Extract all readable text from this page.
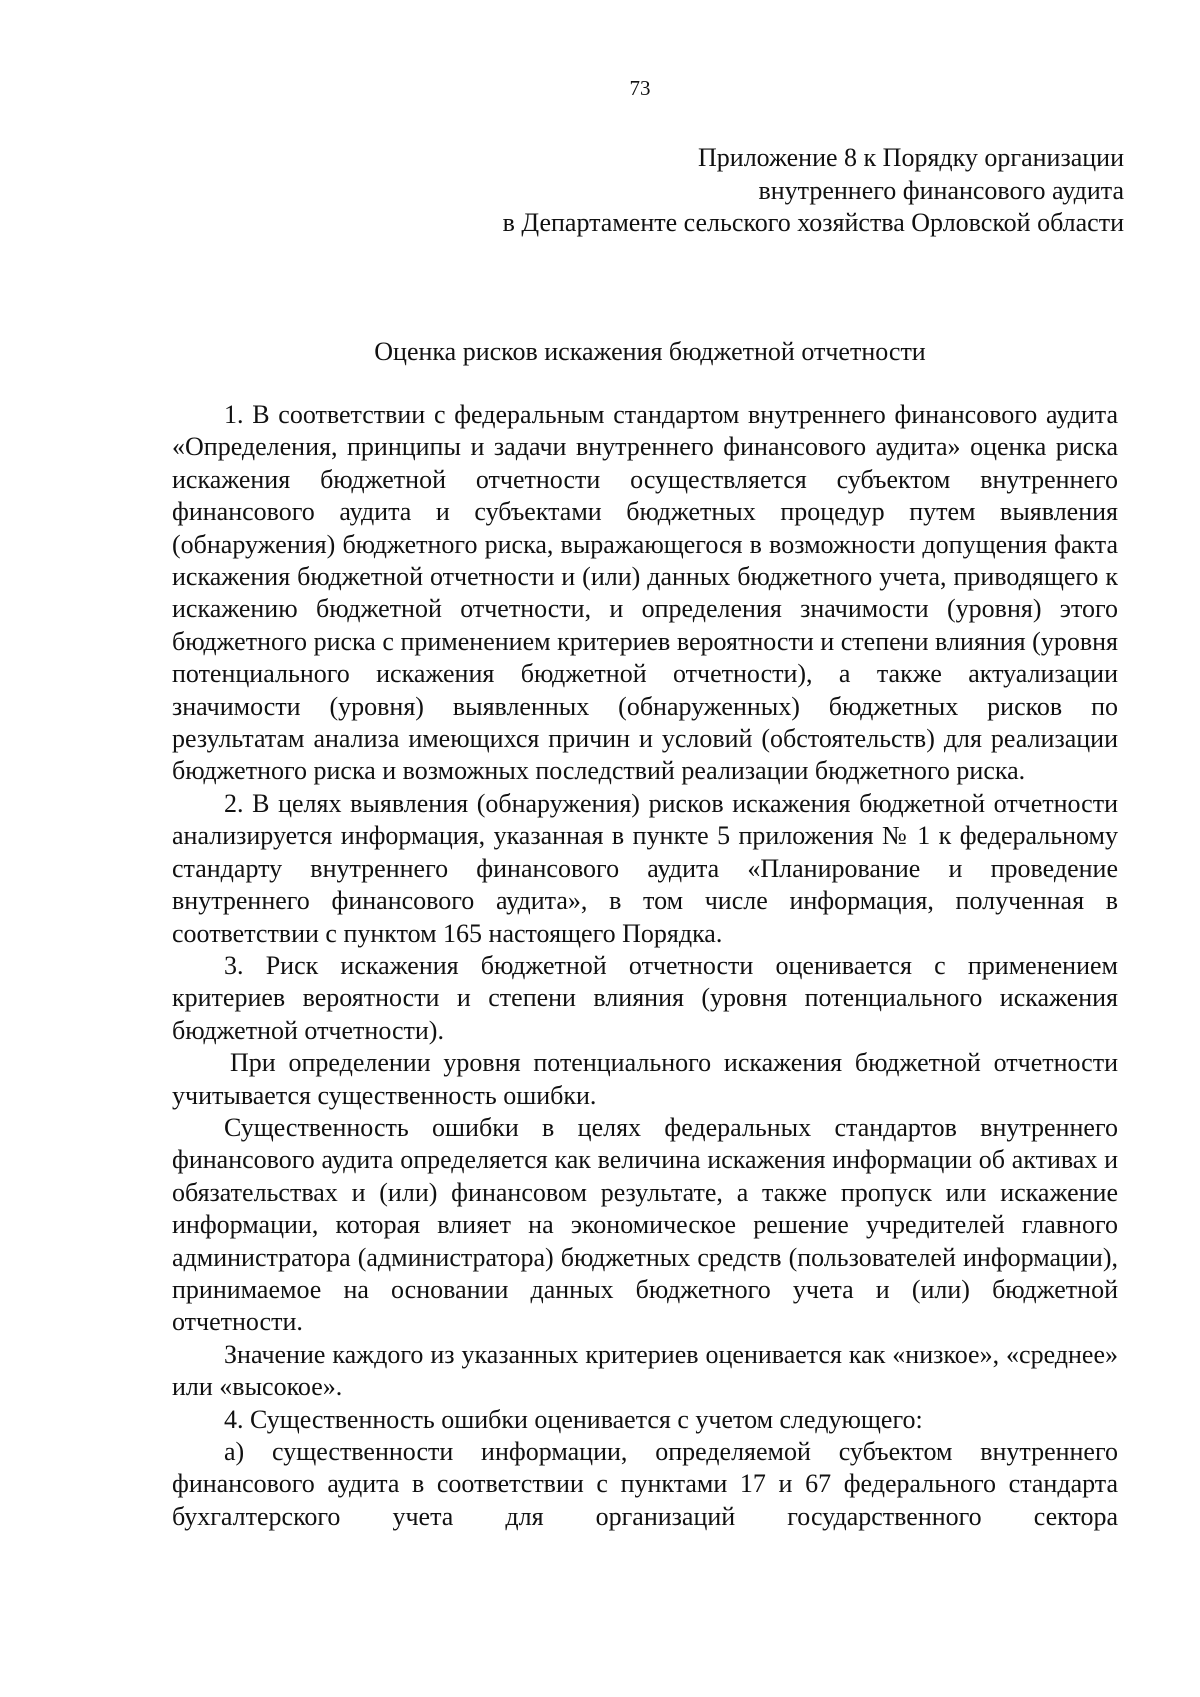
73
Приложение 8 к Порядку организации
внутреннего финансового аудита
в Департаменте сельского хозяйства Орловской области
Оценка рисков искажения бюджетной отчетности

1. В соответствии с федеральным стандартом внутреннего финансового аудита «Определения, принципы и задачи внутреннего финансового аудита» оценка риска искажения бюджетной отчетности осуществляется субъектом внутреннего финансового аудита и субъектами бюджетных процедур путем выявления (обнаружения) бюджетного риска, выражающегося в возможности допущения факта искажения бюджетной отчетности и (или) данных бюджетного учета, приводящего к искажению бюджетной отчетности, и определения значимости (уровня) этого бюджетного риска с применением критериев вероятности и степени влияния (уровня потенциального искажения бюджетной отчетности), а также актуализации значимости (уровня) выявленных (обнаруженных) бюджетных рисков по результатам анализа имеющихся причин и условий (обстоятельств) для реализации бюджетного риска и возможных последствий реализации бюджетного риска.

2. В целях выявления (обнаружения) рисков искажения бюджетной отчетности анализируется информация, указанная в пункте 5 приложения № 1 к федеральному стандарту внутреннего финансового аудита «Планирование и проведение внутреннего финансового аудита», в том числе информация, полученная в соответствии с пунктом 165 настоящего Порядка.

3. Риск искажения бюджетной отчетности оценивается с применением критериев вероятности и степени влияния (уровня потенциального искажения бюджетной отчетности).

При определении уровня потенциального искажения бюджетной отчетности учитывается существенность ошибки.

Существенность ошибки в целях федеральных стандартов внутреннего финансового аудита определяется как величина искажения информации об активах и обязательствах и (или) финансовом результате, а также пропуск или искажение информации, которая влияет на экономическое решение учредителей главного администратора (администратора) бюджетных средств (пользователей информации), принимаемое на основании данных бюджетного учета и (или) бюджетной отчетности.

Значение каждого из указанных критериев оценивается как «низкое», «среднее» или «высокое».

4. Существенность ошибки оценивается с учетом следующего:

а) существенности информации, определяемой субъектом внутреннего финансового аудита в соответствии с пунктами 17 и 67 федерального стандарта бухгалтерского учета для организаций государственного сектора
